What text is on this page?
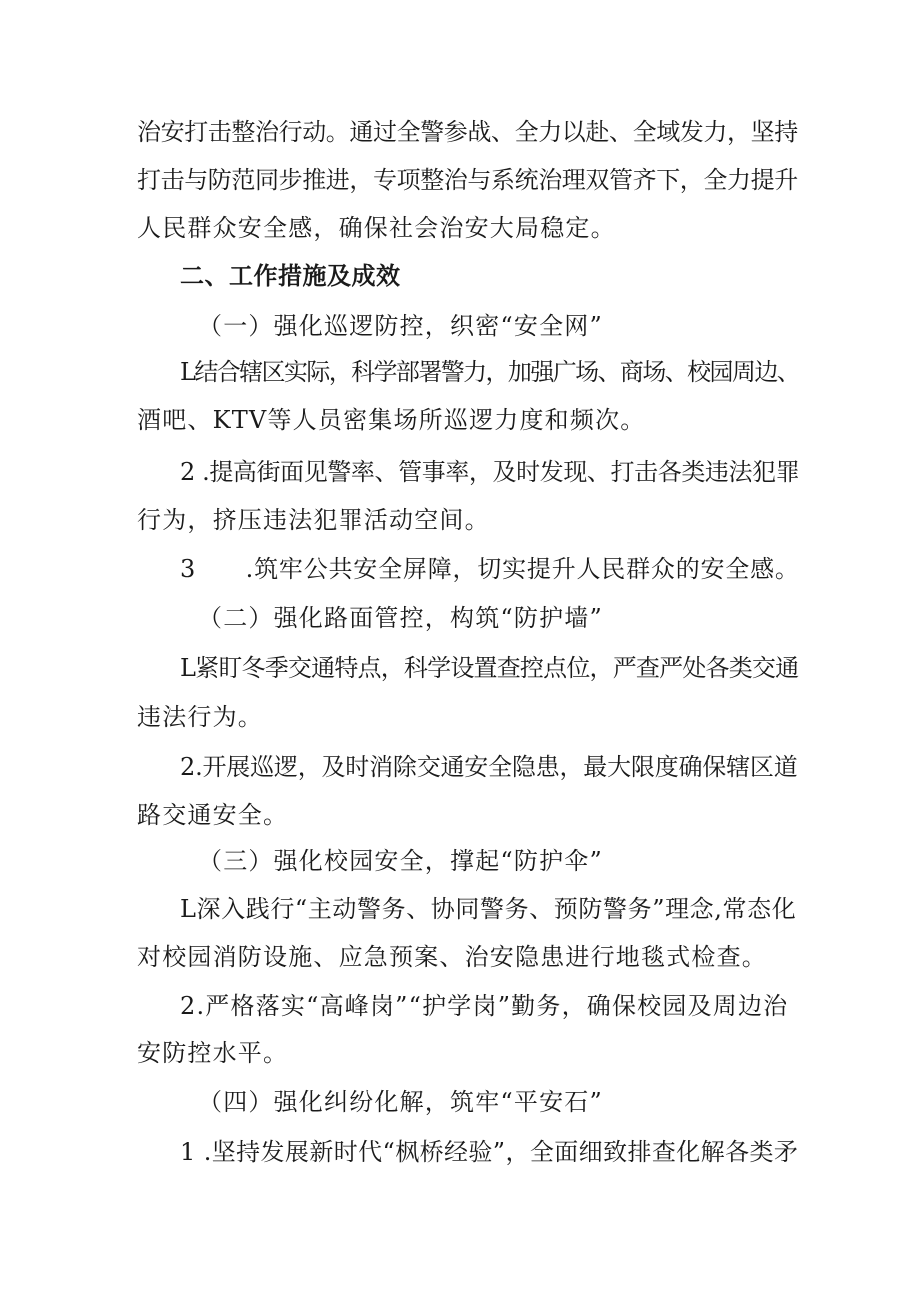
治安打击整治行动。通过全警参战、全力以赴、全域发力，坚持
打击与防范同步推进，专项整治与系统治理双管齐下，全力提升
人民群众安全感，确保社会治安大局稳定。
二、工作措施及成效
（一）强化巡逻防控，织密“安全网”
L结合辖区实际，科学部署警力，加强广场、商场、校园周边、
酒吧、KTV等人员密集场所巡逻力度和频次。
2 .提高街面见警率、管事率，及时发现、打击各类违法犯罪
行为，挤压违法犯罪活动空间。
3　　.筑牢公共安全屏障，切实提升人民群众的安全感。
（二）强化路面管控，构筑“防护墙”
L紧盯冬季交通特点，科学设置查控点位，严查严处各类交通
违法行为。
2.开展巡逻，及时消除交通安全隐患，最大限度确保辖区道
路交通安全。
（三）强化校园安全，撑起“防护伞”
L深入践行“主动警务、协同警务、预防警务”理念,常态化
对校园消防设施、应急预案、治安隐患进行地毯式检查。
2.严格落实“高峰岗”“护学岗”勤务，确保校园及周边治
安防控水平。
（四）强化纠纷化解，筑牢“平安石”
1 .坚持发展新时代“枫桥经验”，全面细致排查化解各类矛
